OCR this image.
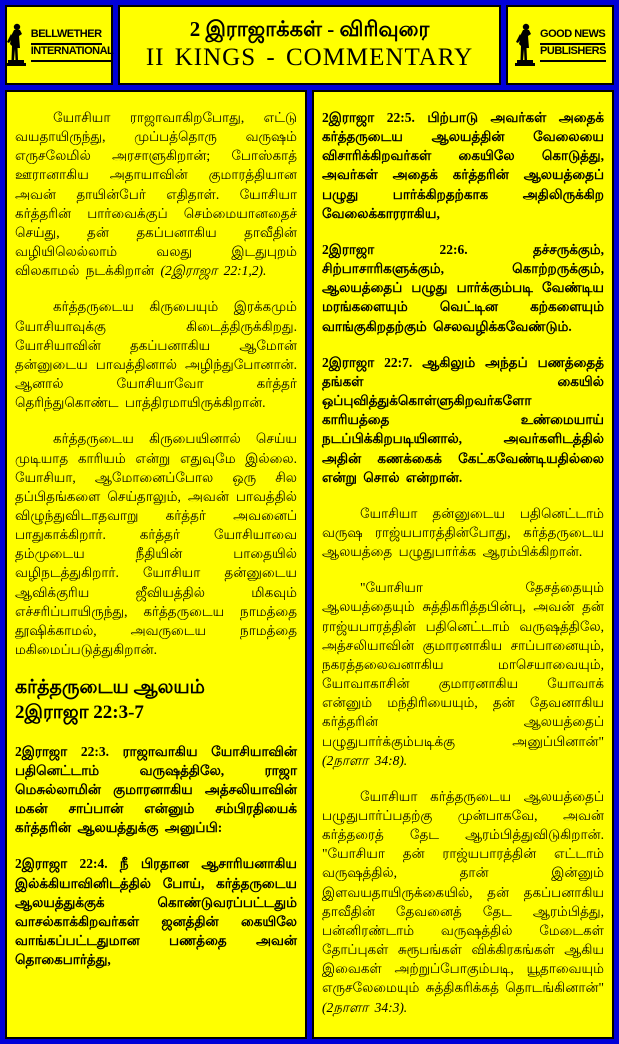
BELLWETHER
INTERNATIONAL
2 இராஜாக்கள் - விரிவுரை
II KINGS - COMMENTARY
GOOD NEWS
PUBLISHERS

யோசியா ராஜாவாகிறபோது, எட்டு வயதாயிருந்து, முப்பத்தொரு வருஷம் எருசலேமில் அரசாளுகிறான்; போஸ்காத் ஊரானாகிய அதாயாவின் குமாரத்தியான அவன் தாயின்பேர் எதிதாள். யோசியா கர்த்தரின் பார்வைக்குப் செம்மையானதைச் செய்து, தன் தகப்பனாகிய தாவீதின் வழியிலெல்லாம் வலது இடதுபுறம் விலகாமல் நடக்கிறான் (2இராஜா 22:1,2).

கர்த்தருடைய கிருபையும் இரக்கமும் யோசியாவுக்கு கிடைத்திருக்கிறது. யோசியாவின் தகப்பனாகிய ஆமோன் தன்னுடைய பாவத்தினால் அழிந்துபோனான். ஆனால் யோசியாவோ கர்த்தர் தெரிந்துகொண்ட பாத்திரமாயிருக்கிறான்.

கர்த்தருடைய கிருபையினால் செய்ய முடியாத காரியம் என்று எதுவுமே இல்லை. யோசியா, ஆமோனைப்போல ஒரு சில தப்பிதங்களை செய்தாலும், அவன் பாவத்தில் விழுந்துவிடாதவாறு கர்த்தர் அவனைப் பாதுகாக்கிறார். கர்த்தர் யோசியாவை தம்முடைய நீதியின் பாதையில் வழிநடத்துகிறார். யோசியா தன்னுடைய ஆவிக்குரிய ஜீவியத்தில் மிகவும் எச்சரிப்பாயிருந்து, கர்த்தருடைய நாமத்தை தூஷிக்காமல், அவருடைய நாமத்தை மகிமைப்படுத்துகிறான்.

கர்த்தருடைய ஆலயம்
2இராஜா 22:3-7

2இராஜா 22:3. ராஜாவாகிய யோசியாவின் பதினெட்டாம் வருஷத்திலே, ராஜா மெசுல்லாமின் குமாரனாகிய அத்சலியாவின் மகன் சாப்பான் என்னும் சம்பிரதியைக் கர்த்தரின் ஆலயத்துக்கு அனுப்பி:

2இராஜா 22:4. நீ பிரதான ஆசாரியனாகிய இல்க்கியாவினிடத்தில் போய், கர்த்தருடைய ஆலயத்துக்குக் கொண்டுவரப்பட்டதும் வாசல்காக்கிறவர்கள் ஜனத்தின் கையிலே வாங்கப்பட்டதுமான பணத்தை அவன் தொகைபார்த்து,

2இராஜா 22:5. பிற்பாடு அவர்கள் அதைக் கர்த்தருடைய ஆலயத்தின் வேலையை விசாரிக்கிறவர்கள் கையிலே கொடுத்து, அவர்கள் அதைக் கர்த்தரின் ஆலயத்தைப் பழுது பார்க்கிறதற்காக அதிலிருக்கிற வேலைக்காரராகிய,

2இராஜா 22:6. தச்சருக்கும், சிற்பாசாரிகளுக்கும், கொற்றருக்கும், ஆலயத்தைப் பழுது பார்க்கும்படி வேண்டிய மரங்களையும் வெட்டின கற்களையும் வாங்குகிறதற்கும் செலவழிக்கவேண்டும்.

2இராஜா 22:7. ஆகிலும் அந்தப் பணத்தைத் தங்கள் கையில் ஒப்புவித்துக்கொள்ளுகிறவர்களோ காரியத்தை உண்மையாய் நடப்பிக்கிறபடியினால், அவர்களிடத்தில் அதின் கணக்கைக் கேட்கவேண்டியதில்லை என்று சொல் என்றான்.

யோசியா தன்னுடைய பதினெட்டாம் வருஷ ராஜ்யபாரத்தின்போது, கர்த்தருடைய ஆலயத்தை பழுதுபார்க்க ஆரம்பிக்கிறான்.

"யோசியா தேசத்தையும் ஆலயத்தையும் சுத்திகரித்தபின்பு, அவன் தன் ராஜ்யபாரத்தின் பதினெட்டாம் வருஷத்திலே, அத்சலியாவின் குமாரனாகிய சாப்பானையும், நகரத்தலைவனாகிய மாசெயாவையும், யோவாகாசின் குமாரனாகிய யோவாக் என்னும் மந்திரியையும், தன் தேவனாகிய கர்த்தரின் ஆலயத்தைப் பழுதுபார்க்கும்படிக்கு அனுப்பினான்" (2நாளா 34:8).

யோசியா கர்த்தருடைய ஆலயத்தைப் பழுதுபார்ப்பதற்கு முன்பாகவே, அவன் கர்த்தரைத் தேட ஆரம்பித்துவிடுகிறான். "யோசியா தன் ராஜ்யபாரத்தின் எட்டாம் வருஷத்தில், தான் இன்னும் இளவயதாயிருக்கையில், தன் தகப்பனாகிய தாவீதின் தேவனைத் தேட ஆரம்பித்து, பன்னிரண்டாம் வருஷத்தில் மேடைகள் தோப்புகள் சுரூபங்கள் விக்கிரகங்கள் ஆகிய இவைகள் அற்றுப்போகும்படி, யூதாவையும் எருசலேமையும் சுத்திகரிக்கத் தொடங்கினான்" (2நாளா 34:3).
